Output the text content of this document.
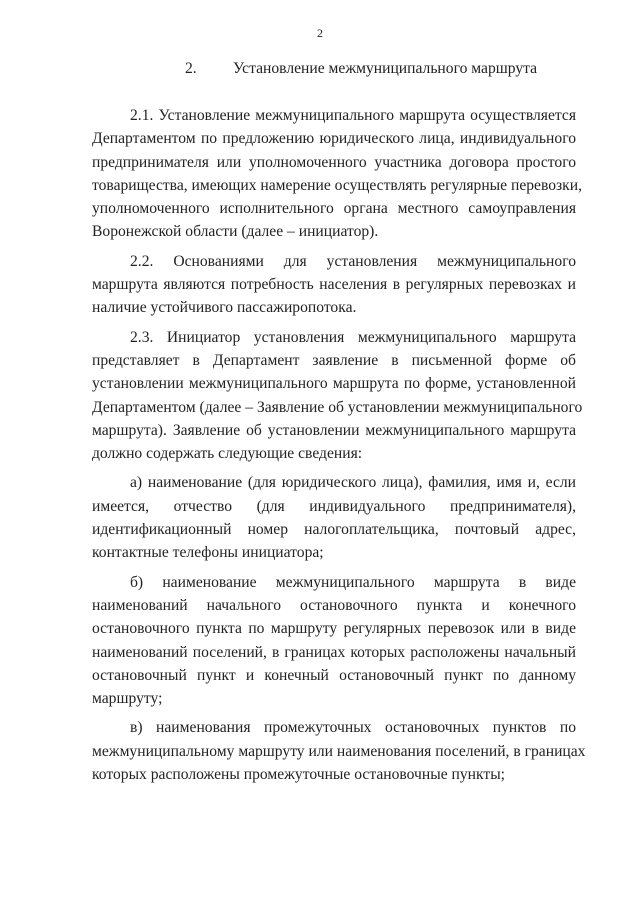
2
2. Установление межмуниципального маршрута
2.1. Установление межмуниципального маршрута осуществляется
Департаментом по предложению юридического лица, индивидуального
предпринимателя или уполномоченного участника договора простого
товарищества, имеющих намерение осуществлять регулярные перевозки,
уполномоченного исполнительного органа местного самоуправления
Воронежской области (далее – инициатор).
2.2. Основаниями для установления межмуниципального
маршрута являются потребность населения в регулярных перевозках и
наличие устойчивого пассажиропотока.
2.3. Инициатор установления межмуниципального маршрута
представляет в Департамент заявление в письменной форме об
установлении межмуниципального маршрута по форме, установленной
Департаментом (далее – Заявление об установлении межмуниципального
маршрута). Заявление об установлении межмуниципального маршрута
должно содержать следующие сведения:
а) наименование (для юридического лица), фамилия, имя и, если
имеется, отчество (для индивидуального предпринимателя),
идентификационный номер налогоплательщика, почтовый адрес,
контактные телефоны инициатора;
б) наименование межмуниципального маршрута в виде
наименований начального остановочного пункта и конечного
остановочного пункта по маршруту регулярных перевозок или в виде
наименований поселений, в границах которых расположены начальный
остановочный пункт и конечный остановочный пункт по данному
маршруту;
в) наименования промежуточных остановочных пунктов по
межмуниципальному маршруту или наименования поселений, в границах
которых расположены промежуточные остановочные пункты;
